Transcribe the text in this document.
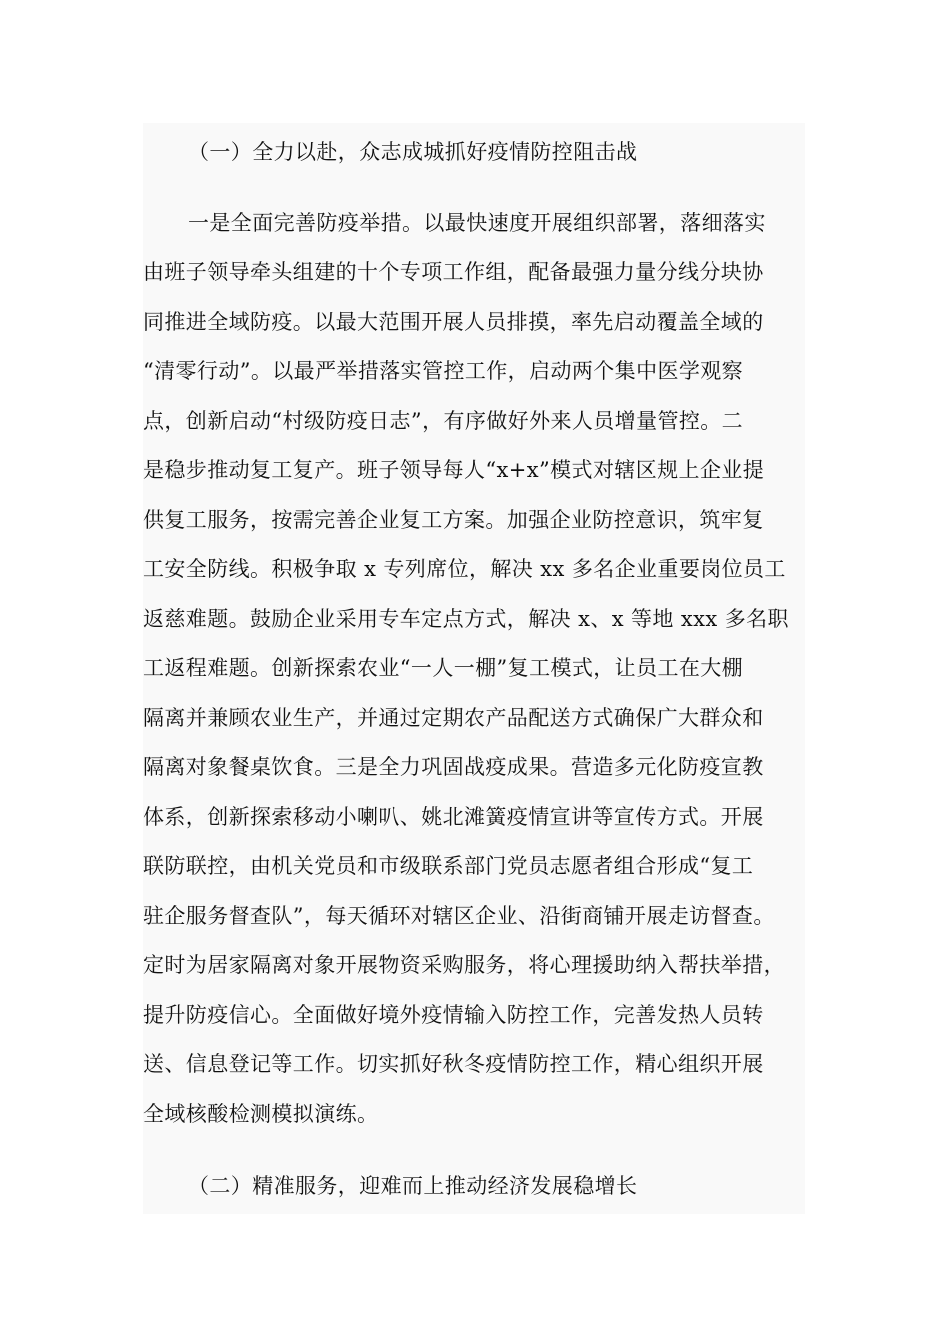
（一）全力以赴，众志成城抓好疫情防控阻击战
一是全面完善防疫举措。以最快速度开展组织部署，落细落实
由班子领导牵头组建的十个专项工作组，配备最强力量分线分块协
同推进全域防疫。以最大范围开展人员排摸，率先启动覆盖全域的
“清零行动”。以最严举措落实管控工作，启动两个集中医学观察
点，创新启动“村级防疫日志”，有序做好外来人员增量管控。二
是稳步推动复工复产。班子领导每人“x+x”模式对辖区规上企业提
供复工服务，按需完善企业复工方案。加强企业防控意识，筑牢复
工安全防线。积极争取 x 专列席位，解决 xx 多名企业重要岗位员工
返慈难题。鼓励企业采用专车定点方式，解决 x、x 等地 xxx 多名职
工返程难题。创新探索农业“一人一棚”复工模式，让员工在大棚
隔离并兼顾农业生产，并通过定期农产品配送方式确保广大群众和
隔离对象餐桌饮食。三是全力巩固战疫成果。营造多元化防疫宣教
体系，创新探索移动小喇叭、姚北滩簧疫情宣讲等宣传方式。开展
联防联控，由机关党员和市级联系部门党员志愿者组合形成“复工
驻企服务督查队”，每天循环对辖区企业、沿街商铺开展走访督查。
定时为居家隔离对象开展物资采购服务，将心理援助纳入帮扶举措，
提升防疫信心。全面做好境外疫情输入防控工作，完善发热人员转
送、信息登记等工作。切实抓好秋冬疫情防控工作，精心组织开展
全域核酸检测模拟演练。
（二）精准服务，迎难而上推动经济发展稳增长
